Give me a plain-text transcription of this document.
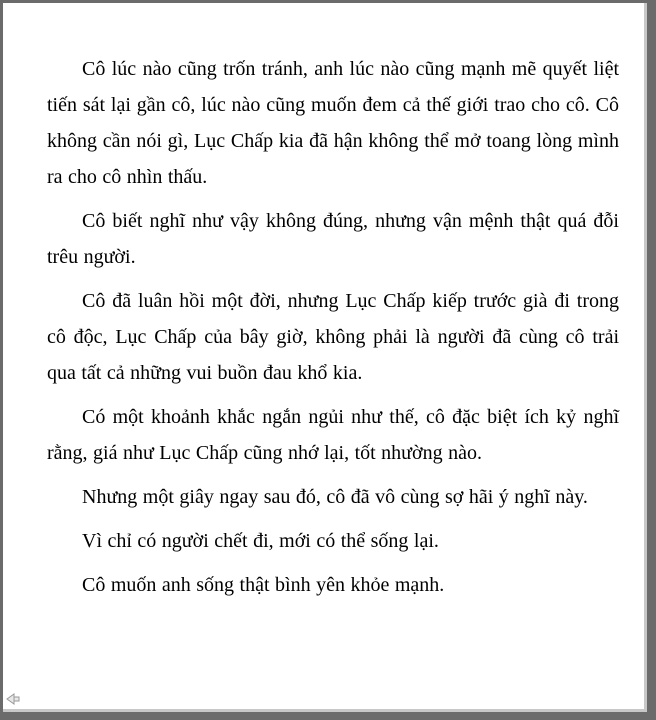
Cô lúc nào cũng trốn tránh, anh lúc nào cũng mạnh mẽ quyết liệt tiến sát lại gần cô, lúc nào cũng muốn đem cả thế giới trao cho cô. Cô không cần nói gì, Lục Chấp kia đã hận không thể mở toang lòng mình ra cho cô nhìn thấu.

Cô biết nghĩ như vậy không đúng, nhưng vận mệnh thật quá đỗi trêu người.

Cô đã luân hồi một đời, nhưng Lục Chấp kiếp trước già đi trong cô độc, Lục Chấp của bây giờ, không phải là người đã cùng cô trải qua tất cả những vui buồn đau khổ kia.

Có một khoảnh khắc ngắn ngủi như thế, cô đặc biệt ích kỷ nghĩ rằng, giá như Lục Chấp cũng nhớ lại, tốt nhường nào.

Nhưng một giây ngay sau đó, cô đã vô cùng sợ hãi ý nghĩ này.

Vì chỉ có người chết đi, mới có thể sống lại.

Cô muốn anh sống thật bình yên khỏe mạnh.
